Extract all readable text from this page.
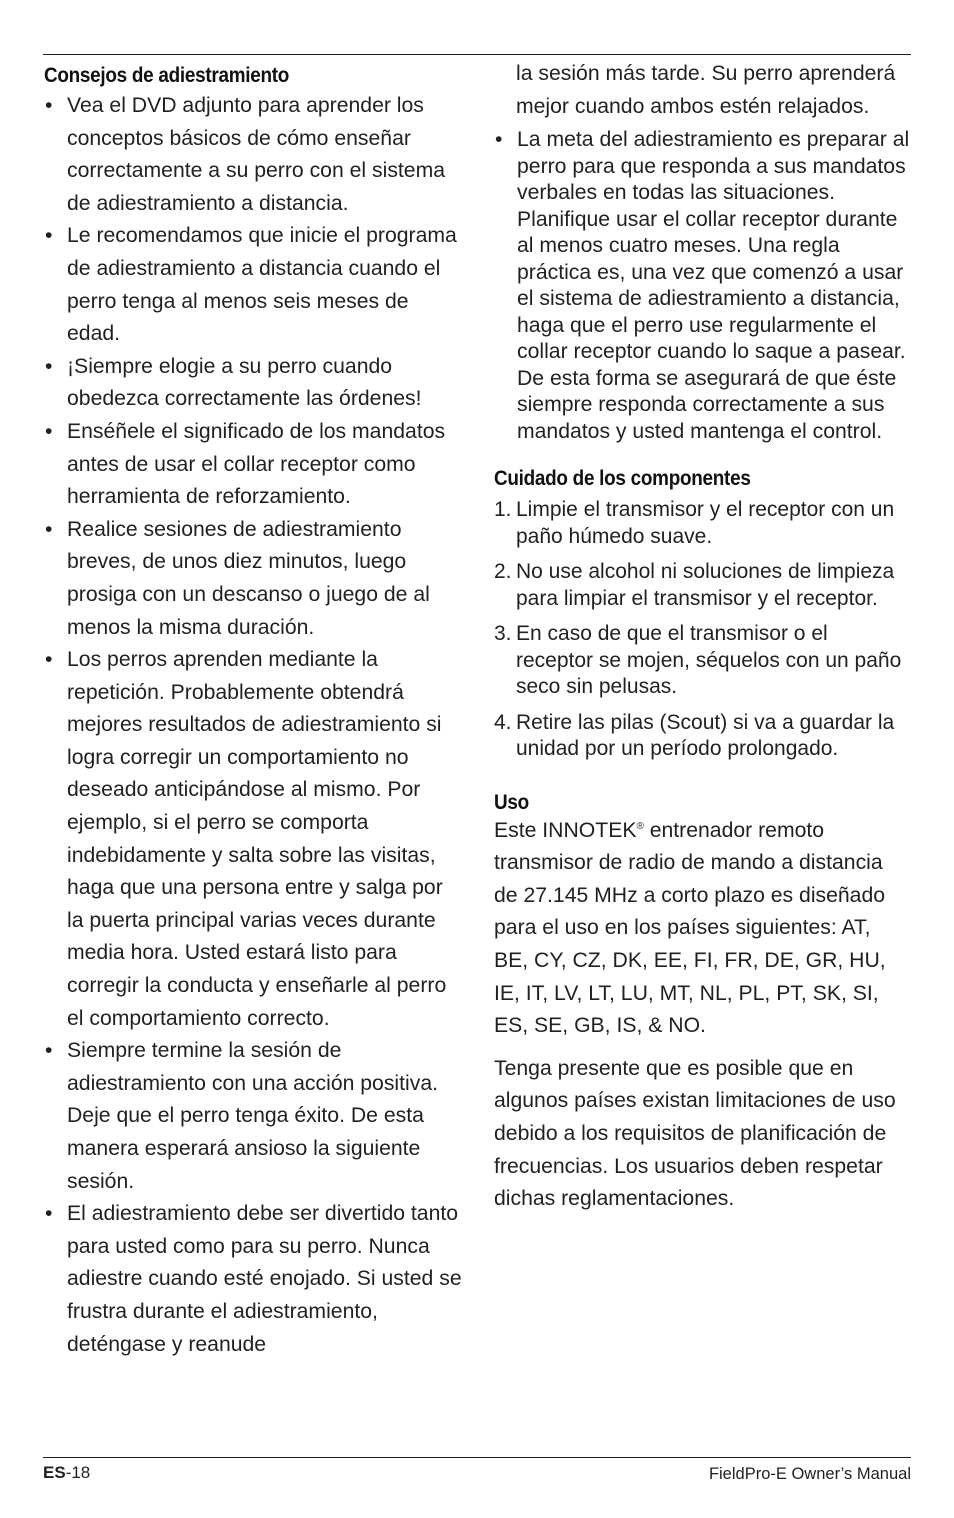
Consejos de adiestramiento
• Vea el DVD adjunto para aprender los conceptos básicos de cómo enseñar correctamente a su perro con el sistema de adiestramiento a distancia.
• Le recomendamos que inicie el programa de adiestramiento a distancia cuando el perro tenga al menos seis meses de edad.
• ¡Siempre elogie a su perro cuando obedezca correctamente las órdenes!
• Enséñele el significado de los mandatos antes de usar el collar receptor como herramienta de reforzamiento.
• Realice sesiones de adiestramiento breves, de unos diez minutos, luego prosiga con un descanso o juego de al menos la misma duración.
• Los perros aprenden mediante la repetición. Probablemente obtendrá mejores resultados de adiestramiento si logra corregir un comportamiento no deseado anticipándose al mismo. Por ejemplo, si el perro se comporta indebidamente y salta sobre las visitas, haga que una persona entre y salga por la puerta principal varias veces durante media hora. Usted estará listo para corregir la conducta y enseñarle al perro el comportamiento correcto.
• Siempre termine la sesión de adiestramiento con una acción positiva. Deje que el perro tenga éxito. De esta manera esperará ansioso la siguiente sesión.
• El adiestramiento debe ser divertido tanto para usted como para su perro. Nunca adiestre cuando esté enojado. Si usted se frustra durante el adiestramiento, deténgase y reanude

la sesión más tarde. Su perro aprenderá mejor cuando ambos estén relajados.

• La meta del adiestramiento es preparar al perro para que responda a sus mandatos verbales en todas las situaciones. Planifique usar el collar receptor durante al menos cuatro meses. Una regla práctica es, una vez que comenzó a usar el sistema de adiestramiento a distancia, haga que el perro use regularmente el collar receptor cuando lo saque a pasear. De esta forma se asegurará de que éste siempre responda correctamente a sus mandatos y usted mantenga el control.
Cuidado de los componentes
1. Limpie el transmisor y el receptor con un paño húmedo suave.
2. No use alcohol ni soluciones de limpieza para limpiar el transmisor y el receptor.
3. En caso de que el transmisor o el receptor se mojen, séquelos con un paño seco sin pelusas.
4. Retire las pilas (Scout) si va a guardar la unidad por un período prolongado.
Uso

Este INNOTEK® entrenador remoto transmisor de radio de mando a distancia de 27.145 MHz a corto plazo es diseñado para el uso en los países siguientes: AT, BE, CY, CZ, DK, EE, FI, FR, DE, GR, HU, IE, IT, LV, LT, LU, MT, NL, PL, PT, SK, SI, ES, SE, GB, IS, & NO.

Tenga presente que es posible que en algunos países existan limitaciones de uso debido a los requisitos de planificación de frecuencias. Los usuarios deben respetar dichas reglamentaciones.

ES-18	FieldPro-E Owner’s Manual
